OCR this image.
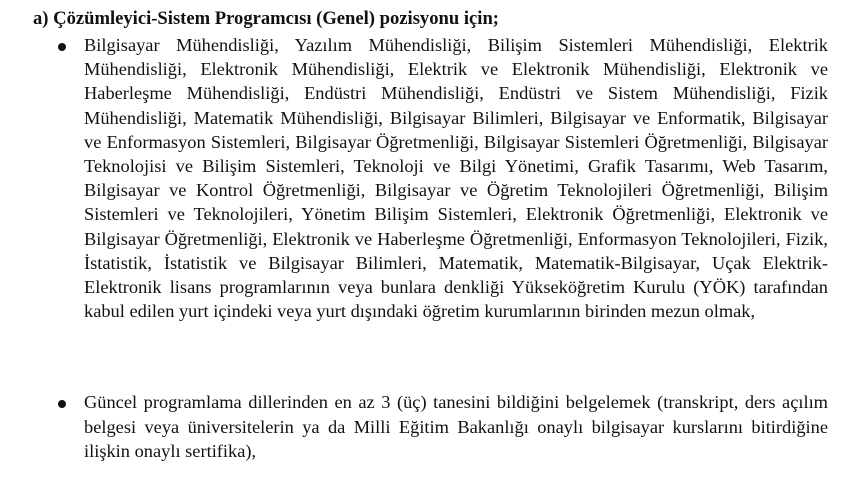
a) Çözümleyici-Sistem Programcısı (Genel) pozisyonu için;

Bilgisayar Mühendisliği, Yazılım Mühendisliği, Bilişim Sistemleri Mühendisliği, Elektrik Mühendisliği, Elektronik Mühendisliği, Elektrik ve Elektronik Mühendisliği, Elektronik ve Haberleşme Mühendisliği, Endüstri Mühendisliği, Endüstri ve Sistem Mühendisliği, Fizik Mühendisliği, Matematik Mühendisliği, Bilgisayar Bilimleri, Bilgisayar ve Enformatik, Bilgisayar ve Enformasyon Sistemleri, Bilgisayar Öğretmenliği, Bilgisayar Sistemleri Öğretmenliği, Bilgisayar Teknolojisi ve Bilişim Sistemleri, Teknoloji ve Bilgi Yönetimi, Grafik Tasarımı, Web Tasarım, Bilgisayar ve Kontrol Öğretmenliği, Bilgisayar ve Öğretim Teknolojileri Öğretmenliği, Bilişim Sistemleri ve Teknolojileri, Yönetim Bilişim Sistemleri, Elektronik Öğretmenliği, Elektronik ve Bilgisayar Öğretmenliği, Elektronik ve Haberleşme Öğretmenliği, Enformasyon Teknolojileri, Fizik, İstatistik, İstatistik ve Bilgisayar Bilimleri, Matematik, Matematik-Bilgisayar, Uçak Elektrik-Elektronik lisans programlarının veya bunlara denkliği Yükseköğretim Kurulu (YÖK) tarafından kabul edilen yurt içindeki veya yurt dışındaki öğretim kurumlarının birinden mezun olmak,

Güncel programlama dillerinden en az 3 (üç) tanesini bildiğini belgelemek (transkript, ders açılım belgesi veya üniversitelerin ya da Milli Eğitim Bakanlığı onaylı bilgisayar kurslarını bitirdiğine ilişkin onaylı sertifika),
